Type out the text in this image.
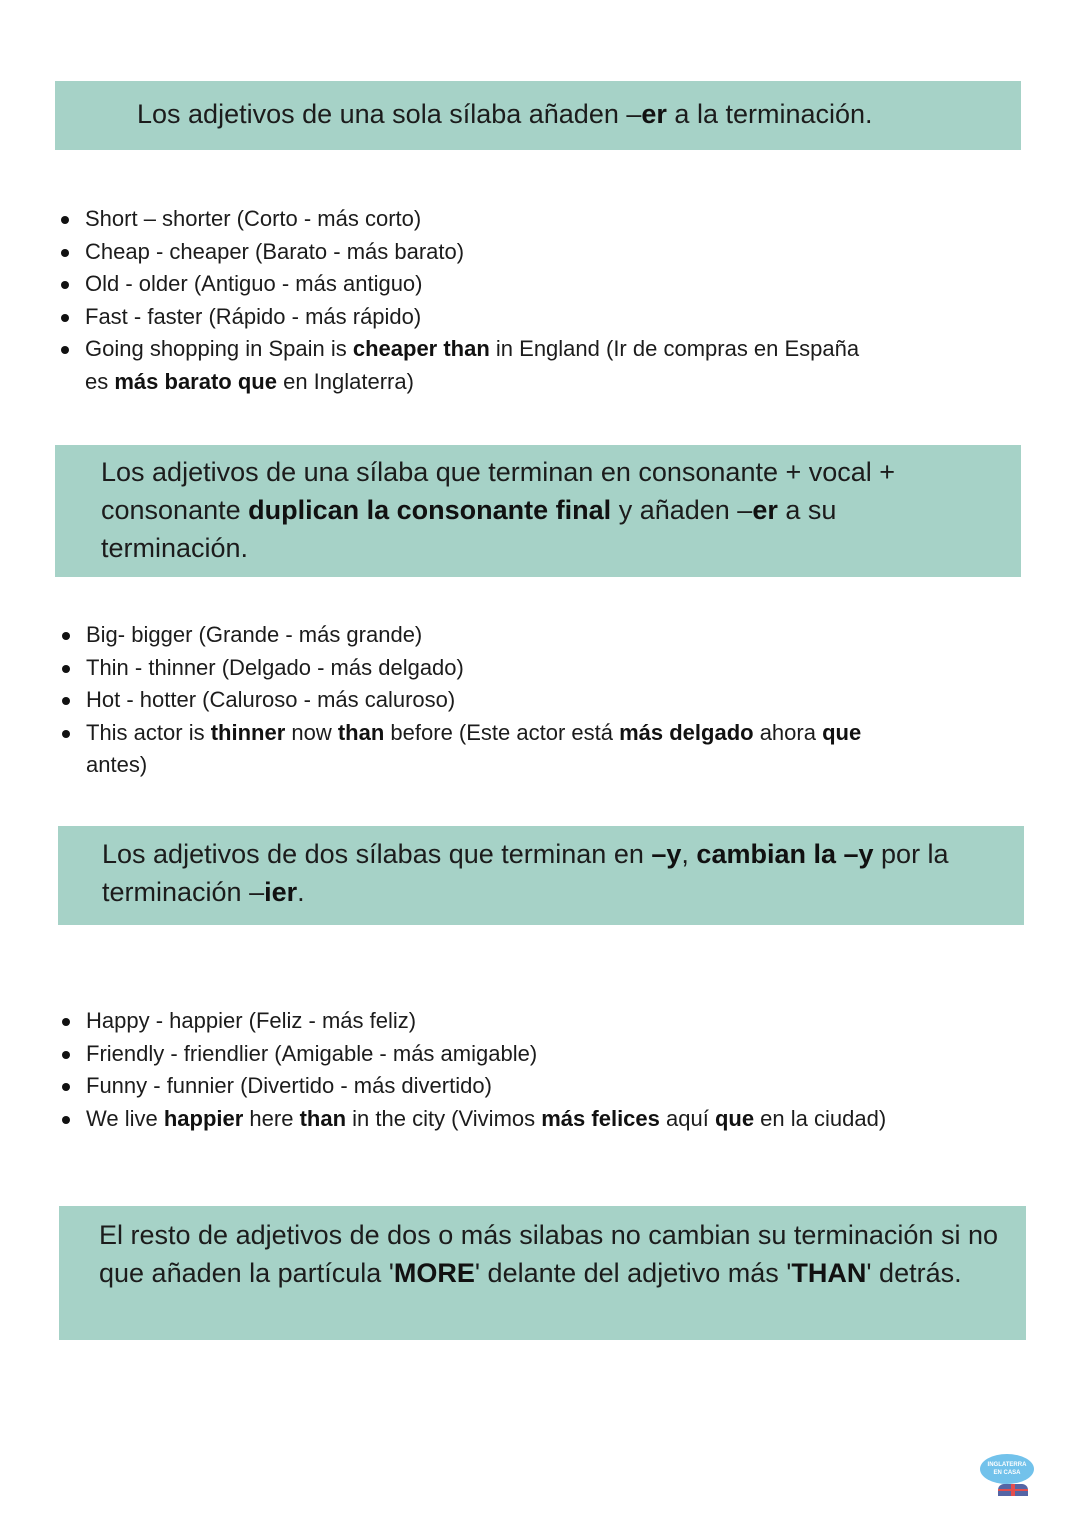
Los adjetivos de una sola sílaba añaden –er a la terminación.
Short – shorter (Corto - más corto)
Cheap - cheaper (Barato - más barato)
Old - older (Antiguo - más antiguo)
Fast - faster (Rápido - más rápido)
Going shopping in Spain is cheaper than in England (Ir de compras en España es más barato que en Inglaterra)
Los adjetivos de una sílaba que terminan en consonante + vocal + consonante duplican la consonante final y añaden –er a su terminación.
Big- bigger (Grande - más grande)
Thin - thinner (Delgado - más delgado)
Hot - hotter (Caluroso - más caluroso)
This actor is thinner now than before (Este actor está más delgado ahora que antes)
Los adjetivos de dos sílabas que terminan en –y, cambian la –y por la terminación –ier.
Happy - happier (Feliz - más feliz)
Friendly - friendlier (Amigable - más amigable)
Funny - funnier (Divertido - más divertido)
We live happier here than in the city (Vivimos más felices aquí que en la ciudad)
El resto de adjetivos de dos o más silabas no cambian su terminación si no que añaden la partícula 'MORE' delante del adjetivo más 'THAN' detrás.
INGLATERRA
EN CASA
